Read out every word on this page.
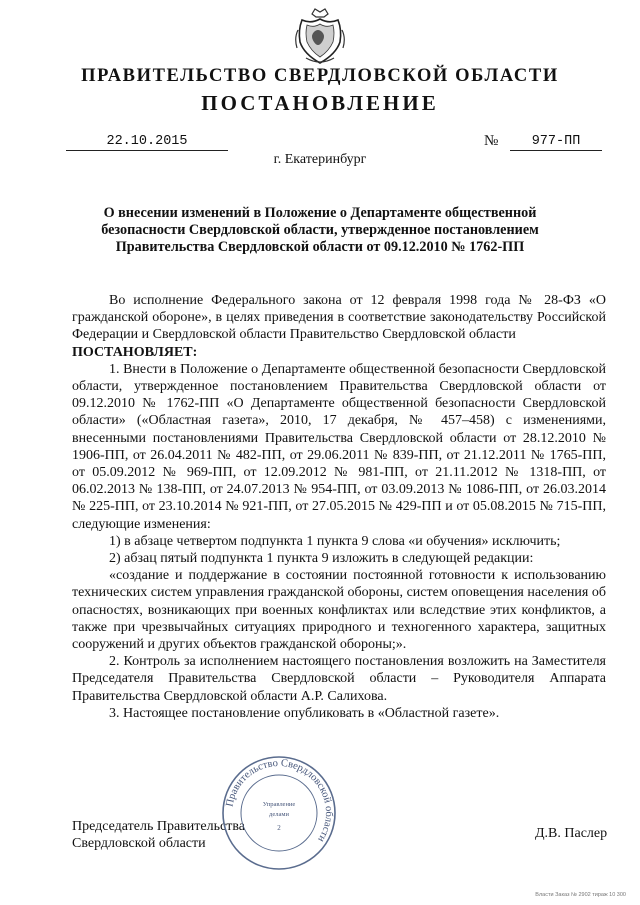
ПРАВИТЕЛЬСТВО СВЕРДЛОВСКОЙ ОБЛАСТИ
ПОСТАНОВЛЕНИЕ
22.10.2015	№	977-ПП
г. Екатеринбург
О внесении изменений в Положение о Департаменте общественной безопасности Свердловской области, утвержденное постановлением Правительства Свердловской области от 09.12.2010 № 1762-ПП

Во исполнение Федерального закона от 12 февраля 1998 года № 28-ФЗ «О гражданской обороне», в целях приведения в соответствие законодательству Российской Федерации и Свердловской области Правительство Свердловской области

ПОСТАНОВЛЯЕТ:

1. Внести в Положение о Департаменте общественной безопасности Свердловской области, утвержденное постановлением Правительства Свердловской области от 09.12.2010 № 1762-ПП «О Департаменте общественной безопасности Свердловской области» («Областная газета», 2010, 17 декабря, № 457–458) с изменениями, внесенными постановлениями Правительства Свердловской области от 28.12.2010 № 1906-ПП, от 26.04.2011 № 482-ПП, от 29.06.2011 № 839-ПП, от 21.12.2011 № 1765-ПП, от 05.09.2012 № 969-ПП, от 12.09.2012 № 981-ПП, от 21.11.2012 № 1318-ПП, от 06.02.2013 № 138-ПП, от 24.07.2013 № 954-ПП, от 03.09.2013 № 1086-ПП, от 26.03.2014 № 225-ПП, от 23.10.2014 № 921-ПП, от 27.05.2015 № 429-ПП и от 05.08.2015 № 715-ПП, следующие изменения:

1) в абзаце четвертом подпункта 1 пункта 9 слова «и обучения» исключить;

2) абзац пятый подпункта 1 пункта 9 изложить в следующей редакции:

«создание и поддержание в состоянии постоянной готовности к использованию технических систем управления гражданской обороны, систем оповещения населения об опасностях, возникающих при военных конфликтах или вследствие этих конфликтов, а также при чрезвычайных ситуациях природного и техногенного характера, защитных сооружений и других объектов гражданской обороны;».

2. Контроль за исполнением настоящего постановления возложить на Заместителя Председателя Правительства Свердловской области – Руководителя Аппарата Правительства Свердловской области А.Р. Салихова.

3. Настоящее постановление опубликовать в «Областной газете».

Председатель Правительства
Свердловской области
Д.В. Паслер
Правительство Свердловской области
Управление
делами
2
Власти Заказ № 2902 тираж 10 300
